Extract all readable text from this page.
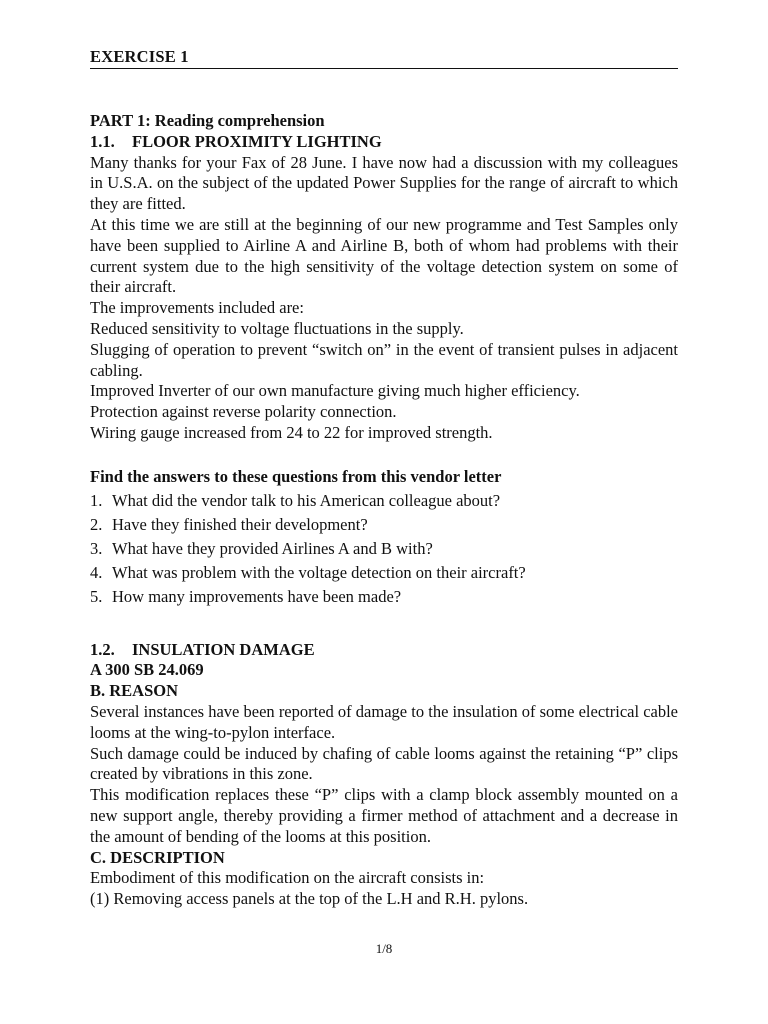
EXERCISE 1

PART 1: Reading comprehension

1.1. FLOOR PROXIMITY LIGHTING

Many thanks for your Fax of 28 June. I have now had a discussion with my colleagues in U.S.A. on the subject of the updated Power Supplies for the range of aircraft to which they are fitted.

At this time we are still at the beginning of our new programme and Test Samples only have been supplied to Airline A and Airline B, both of whom had problems with their current system due to the high sensitivity of the voltage detection system on some of their aircraft.

The improvements included are:

Reduced sensitivity to voltage fluctuations in the supply.

Slugging of operation to prevent “switch on” in the event of transient pulses in adjacent cabling.

Improved Inverter of our own manufacture giving much higher efficiency.

Protection against reverse polarity connection.

Wiring gauge increased from 24 to 22 for improved strength.

Find the answers to these questions from this vendor letter

1. What did the vendor talk to his American colleague about?
2. Have they finished their development?
3. What have they provided Airlines A and B with?
4. What was problem with the voltage detection on their aircraft?
5. How many improvements have been made?

1.2. INSULATION DAMAGE

A 300 SB 24.069

B. REASON

Several instances have been reported of damage to the insulation of some electrical cable looms at the wing-to-pylon interface.

Such damage could be induced by chafing of cable looms against the retaining “P” clips created by vibrations in this zone.

This modification replaces these “P” clips with a clamp block assembly mounted on a new support angle, thereby providing a firmer method of attachment and a decrease in the amount of bending of the looms at this position.

C. DESCRIPTION

Embodiment of this modification on the aircraft consists in:

(1) Removing access panels at the top of the L.H and R.H. pylons.

1/8
